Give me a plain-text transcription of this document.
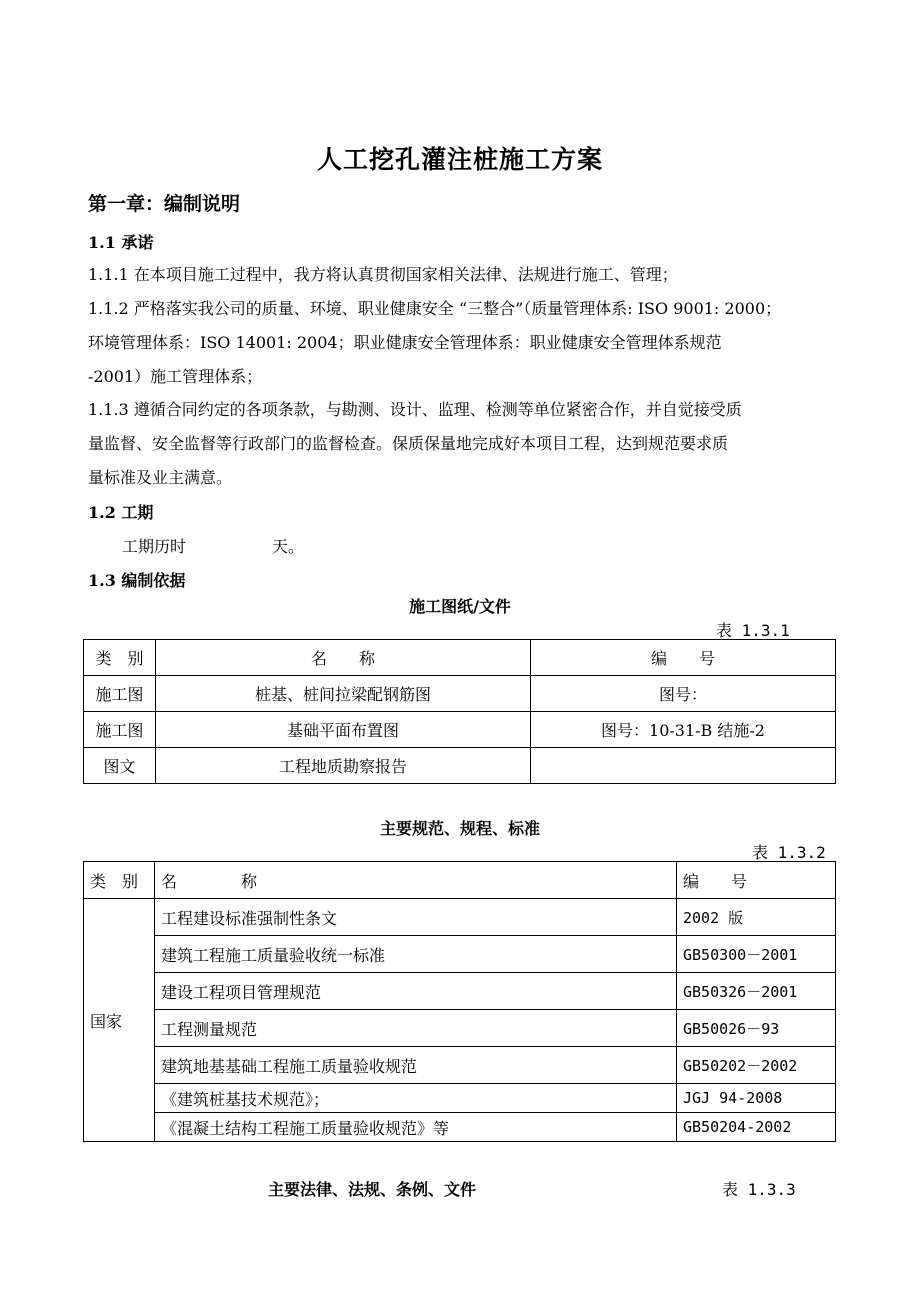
人工挖孔灌注桩施工方案
第一章：编制说明
1.1 承诺
1.1.1 在本项目施工过程中，我方将认真贯彻国家相关法律、法规进行施工、管理；
1.1.2 严格落实我公司的质量、环境、职业健康安全 “三整合”（质量管理体系: ISO 9001: 2000；
环境管理体系：ISO 14001: 2004；职业健康安全管理体系：职业健康安全管理体系规范
-2001）施工管理体系；
1.1.3 遵循合同约定的各项条款，与勘测、设计、监理、检测等单位紧密合作，并自觉接受质
量监督、安全监督等行政部门的监督检查。保质保量地完成好本项目工程，达到规范要求质
量标准及业主满意。
1.2 工期
工期历时	天。
1.3 编制依据
施工图纸/文件
表 1.3.1
类　别	名　　称	编　　号
施工图	桩基、桩间拉梁配钢筋图	图号：
施工图	基础平面布置图	图号：10-31-B 结施-2
图文	工程地质勘察报告	
主要规范、规程、标准
表 1.3.2
类　别	名　　　　称	编　　号
国家	工程建设标准强制性条文	2002 版
	建筑工程施工质量验收统一标准	GB50300－2001
	建设工程项目管理规范	GB50326－2001
	工程测量规范	GB50026－93
	建筑地基基础工程施工质量验收规范	GB50202－2002
	《建筑桩基技术规范》；	JGJ 94-2008
	《混凝土结构工程施工质量验收规范》等	GB50204-2002
主要法律、法规、条例、文件	表 1.3.3
